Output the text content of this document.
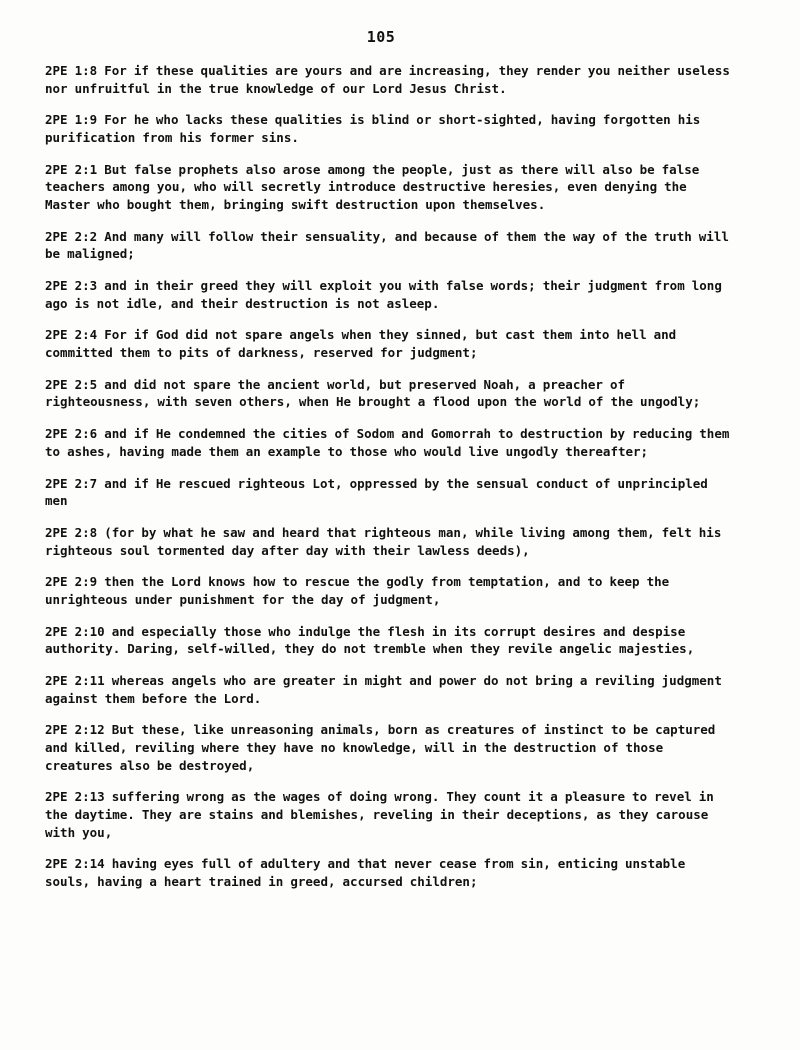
105
2PE 1:8 For if these qualities are yours and are increasing, they render you neither useless nor unfruitful in the true knowledge of our Lord Jesus Christ.
2PE 1:9 For he who lacks these qualities is blind or short-sighted, having forgotten his purification from his former sins.
2PE 2:1 But false prophets also arose among the people, just as there will also be false teachers among you, who will secretly introduce destructive heresies, even denying the Master who bought them, bringing swift destruction upon themselves.
2PE 2:2 And many will follow their sensuality, and because of them the way of the truth will be maligned;
2PE 2:3 and in their greed they will exploit you with false words; their judgment from long ago is not idle, and their destruction is not asleep.
2PE 2:4 For if God did not spare angels when they sinned, but cast them into hell and committed them to pits of darkness, reserved for judgment;
2PE 2:5 and did not spare the ancient world, but preserved Noah, a preacher of righteousness, with seven others, when He brought a flood upon the world of the ungodly;
2PE 2:6 and if He condemned the cities of Sodom and Gomorrah to destruction by reducing them to ashes, having made them an example to those who would live ungodly thereafter;
2PE 2:7 and if He rescued righteous Lot, oppressed by the sensual conduct of unprincipled men
2PE 2:8 (for by what he saw and heard that righteous man, while living among them, felt his righteous soul tormented day after day with their lawless deeds),
2PE 2:9 then the Lord knows how to rescue the godly from temptation, and to keep the unrighteous under punishment for the day of judgment,
2PE 2:10 and especially those who indulge the flesh in its corrupt desires and despise authority. Daring, self-willed, they do not tremble when they revile angelic majesties,
2PE 2:11 whereas angels who are greater in might and power do not bring a reviling judgment against them before the Lord.
2PE 2:12 But these, like unreasoning animals, born as creatures of instinct to be captured and killed, reviling where they have no knowledge, will in the destruction of those creatures also be destroyed,
2PE 2:13 suffering wrong as the wages of doing wrong. They count it a pleasure to revel in the daytime. They are stains and blemishes, reveling in their deceptions, as they carouse with you,
2PE 2:14 having eyes full of adultery and that never cease from sin, enticing unstable souls, having a heart trained in greed, accursed children;
